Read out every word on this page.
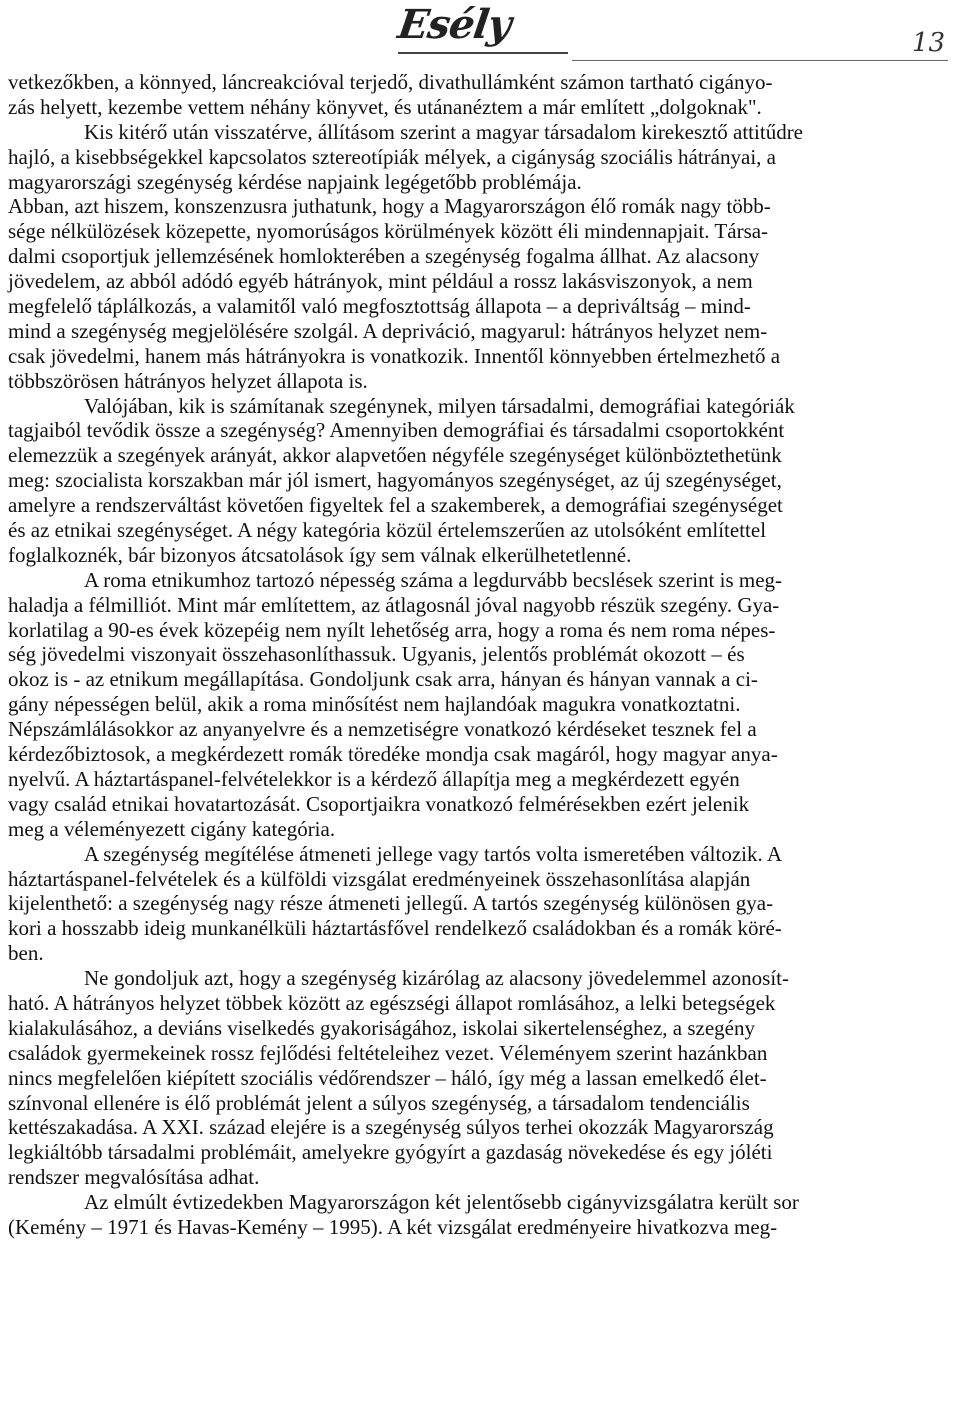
Esély	13
vetkezőkben, a könnyed, láncreakcióval terjedő, divathullámként számon tartható cigányo-
zás helyett, kezembe vettem néhány könyvet, és utánanéztem a már említett „dolgoknak".
Kis kitérő után visszatérve, állításom szerint a magyar társadalom kirekesztő attitűdre
hajló, a kisebbségekkel kapcsolatos sztereotípiák mélyek, a cigányság szociális hátrányai, a
magyarországi szegénység kérdése napjaink legégetőbb problémája.
Abban, azt hiszem, konszenzusra juthatunk, hogy a Magyarországon élő romák nagy több-
sége nélkülözések közepette, nyomorúságos körülmények között éli mindennapjait. Társa-
dalmi csoportjuk jellemzésének homlokterében a szegénység fogalma állhat. Az alacsony
jövedelem, az abból adódó egyéb hátrányok, mint például a rossz lakásviszonyok, a nem
megfelelő táplálkozás, a valamitől való megfosztottság állapota – a depriváltság – mind-
mind a szegénység megjelölésére szolgál. A depriváció, magyarul: hátrányos helyzet nem-
csak jövedelmi, hanem más hátrányokra is vonatkozik. Innentől könnyebben értelmezhető a
többszörösen hátrányos helyzet állapota is.
Valójában, kik is számítanak szegénynek, milyen társadalmi, demográfiai kategóriák
tagjaiból tevődik össze a szegénység? Amennyiben demográfiai és társadalmi csoportokként
elemezzük a szegények arányát, akkor alapvetően négyféle szegénységet különböztethetünk
meg: szocialista korszakban már jól ismert, hagyományos szegénységet, az új szegénységet,
amelyre a rendszerváltást követően figyeltek fel a szakemberek, a demográfiai szegénységet
és az etnikai szegénységet. A négy kategória közül értelemszerűen az utolsóként említettel
foglalkoznék, bár bizonyos átcsatolások így sem válnak elkerülhetetlenné.
A roma etnikumhoz tartozó népesség száma a legdurvább becslések szerint is meg-
haladja a félmilliót. Mint már említettem, az átlagosnál jóval nagyobb részük szegény. Gya-
korlatilag a 90-es évek közepéig nem nyílt lehetőség arra, hogy a roma és nem roma népes-
ség jövedelmi viszonyait összehasonlíthassuk. Ugyanis, jelentős problémát okozott – és
okoz is - az etnikum megállapítása. Gondoljunk csak arra, hányan és hányan vannak a ci-
gány népességen belül, akik a roma minősítést nem hajlandóak magukra vonatkoztatni.
Népszámlálásokkor az anyanyelvre és a nemzetiségre vonatkozó kérdéseket tesznek fel a
kérdezőbiztosok, a megkérdezett romák töredéke mondja csak magáról, hogy magyar anya-
nyelvű. A háztartáspanel-felvételekkor is a kérdező állapítja meg a megkérdezett egyén
vagy család etnikai hovatartozását. Csoportjaikra vonatkozó felmérésekben ezért jelenik
meg a véleményezett cigány kategória.
A szegénység megítélése átmeneti jellege vagy tartós volta ismeretében változik. A
háztartáspanel-felvételek és a külföldi vizsgálat eredményeinek összehasonlítása alapján
kijelenthető: a szegénység nagy része átmeneti jellegű. A tartós szegénység különösen gya-
kori a hosszabb ideig munkanélküli háztartásfővel rendelkező családokban és a romák köré-
ben.
Ne gondoljuk azt, hogy a szegénység kizárólag az alacsony jövedelemmel azonosít-
ható. A hátrányos helyzet többek között az egészségi állapot romlásához, a lelki betegségek
kialakulásához, a deviáns viselkedés gyakoriságához, iskolai sikertelenséghez, a szegény
családok gyermekeinek rossz fejlődési feltételeihez vezet. Véleményem szerint hazánkban
nincs megfelelően kiépített szociális védőrendszer – háló, így még a lassan emelkedő élet-
színvonal ellenére is élő problémát jelent a súlyos szegénység, a társadalom tendenciális
kettészakadása. A XXI. század elejére is a szegénység súlyos terhei okozzák Magyarország
legkiáltóbb társadalmi problémáit, amelyekre gyógyírt a gazdaság növekedése és egy jóléti
rendszer megvalósítása adhat.
Az elmúlt évtizedekben Magyarországon két jelentősebb cigányvizsgálatra került sor
(Kemény – 1971 és Havas-Kemény – 1995). A két vizsgálat eredményeire hivatkozva meg-
